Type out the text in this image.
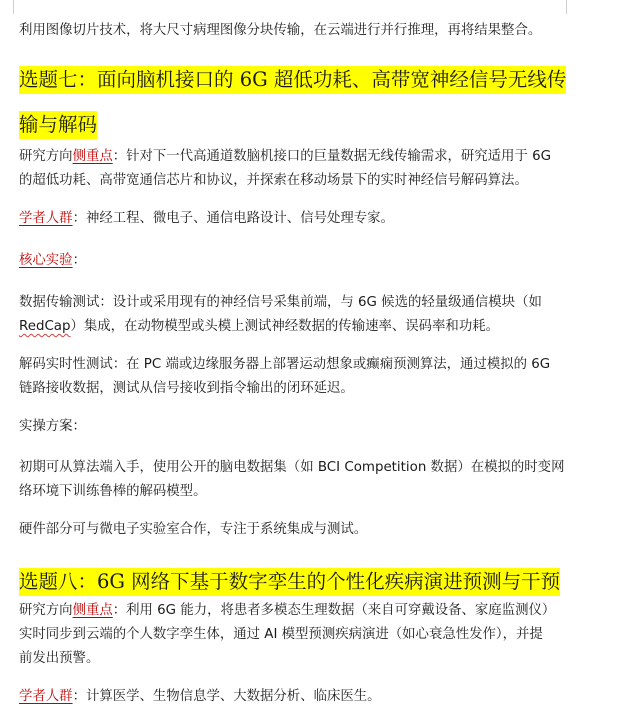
利用图像切片技术，将大尺寸病理图像分块传输，在云端进行并行推理，再将结果整合。
选题七：面向脑机接口的 6G 超低功耗、高带宽神经信号无线传
输与解码
研究方向侧重点：针对下一代高通道数脑机接口的巨量数据无线传输需求，研究适用于 6G
的超低功耗、高带宽通信芯片和协议，并探索在移动场景下的实时神经信号解码算法。
学者人群：神经工程、微电子、通信电路设计、信号处理专家。
核心实验：
数据传输测试：设计或采用现有的神经信号采集前端，与 6G 候选的轻量级通信模块（如
RedCap）集成，在动物模型或头模上测试神经数据的传输速率、误码率和功耗。
解码实时性测试：在 PC 端或边缘服务器上部署运动想象或癫痫预测算法，通过模拟的 6G
链路接收数据，测试从信号接收到指令输出的闭环延迟。
实操方案：
初期可从算法端入手，使用公开的脑电数据集（如 BCI Competition 数据）在模拟的时变网
络环境下训练鲁棒的解码模型。
硬件部分可与微电子实验室合作，专注于系统集成与测试。
选题八：6G 网络下基于数字孪生的个性化疾病演进预测与干预
研究方向侧重点：利用 6G 能力，将患者多模态生理数据（来自可穿戴设备、家庭监测仪）
实时同步到云端的个人数字孪生体，通过 AI 模型预测疾病演进（如心衰急性发作），并提
前发出预警。
学者人群：计算医学、生物信息学、大数据分析、临床医生。
